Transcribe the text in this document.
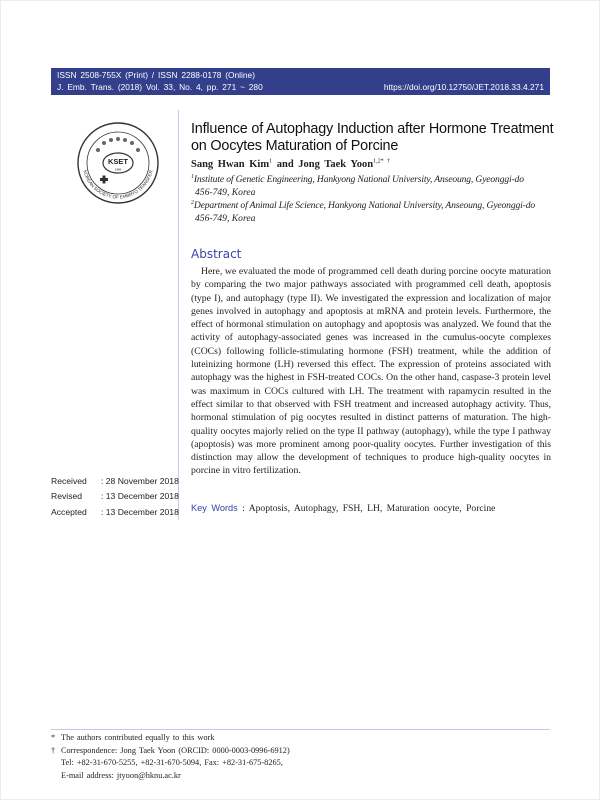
ISSN 2508-755X (Print) / ISSN 2288-0178 (Online)
J. Emb. Trans. (2018) Vol. 33, No. 4, pp. 271 ~ 280	https://doi.org/10.12750/JET.2018.33.4.271
KOREAN SOCIETY OF EMBRYO TRANSFER
KSET
1986
Influence of Autophagy Induction after Hormone Treatment
on Oocytes Maturation of Porcine
Sang Hwan Kim$^1$ and Jong Taek Yoon$^{1,2* \dagger}$
$^1$Institute of Genetic Engineering, Hankyong National University, Anseoung, Gyeonggi-do
456-749, Korea
$^2$Department of Animal Life Science, Hankyong National University, Anseoung, Gyeonggi-do
456-749, Korea
Abstract
Here, we evaluated the mode of programmed cell death during porcine oocyte maturation by comparing the two major pathways associated with programmed cell death, apoptosis (type I), and autophagy (type II). We investigated the expression and localization of major genes involved in autophagy and apoptosis at mRNA and protein levels. Furthermore, the effect of hormonal stimulation on autophagy and apoptosis was analyzed. We found that the activity of autophagy-associated genes was increased in the cumulus-oocyte complexes (COCs) following follicle-stimulating hormone (FSH) treatment, while the addition of luteinizing hormone (LH) reversed this effect. The expression of proteins associated with autophagy was the highest in FSH-treated COCs. On the other hand, caspase-3 protein level was maximum in COCs cultured with LH. The treatment with rapamycin resulted in the effect similar to that observed with FSH treatment and increased autophagy activity. Thus, hormonal stimulation of pig oocytes resulted in distinct patterns of maturation. The high-quality oocytes majorly relied on the type II pathway (autophagy), while the type I pathway (apoptosis) was more prominent among poor-quality oocytes. Further investigation of this distinction may allow the development of techniques to produce high-quality oocytes in porcine in vitro fertilization.
Received : 28 November 2018
Revised : 13 December 2018
Accepted : 13 December 2018 Key Words : Apoptosis, Autophagy, FSH, LH, Maturation oocyte, Porcine
* The authors contributed equally to this work
† Correspondence: Jong Taek Yoon (ORCID: 0000-0003-0996-6912)
Tel: +82-31-670-5255, +82-31-670-5094, Fax: +82-31-675-8265,
E-mail address: jtyoon@hknu.ac.kr
